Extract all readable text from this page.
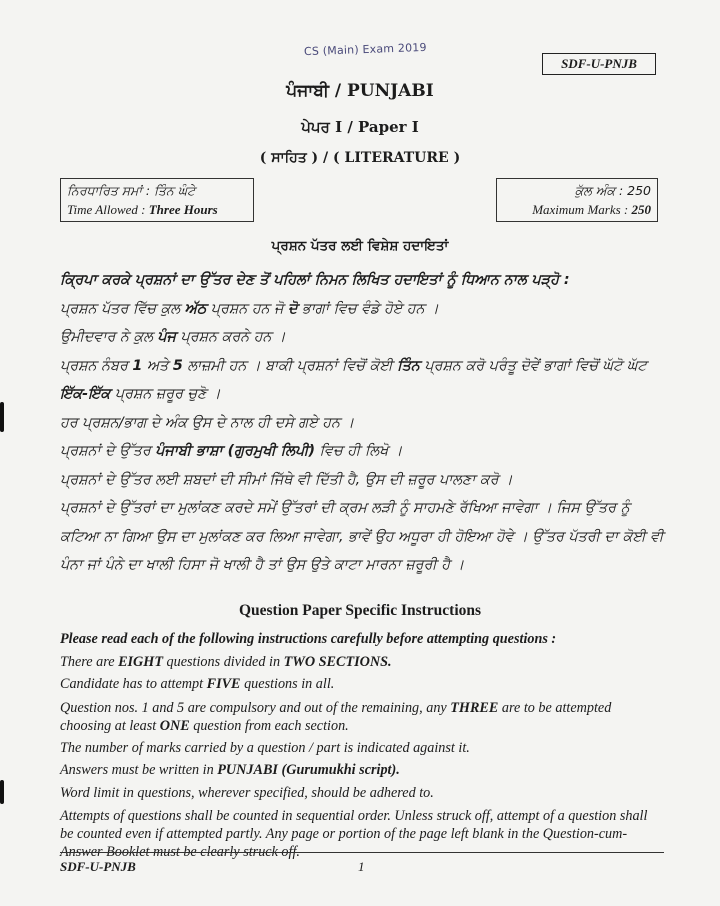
CS (Main) Exam 2019
SDF-U-PNJB
ਪੰਜਾਬੀ / PUNJABI
ਪੇਪਰ I / Paper I
( ਸਾਹਿਤ ) / ( LITERATURE )
ਨਿਰਧਾਰਿਤ ਸਮਾਂ : ਤਿੰਨ ਘੰਟੇ
Time Allowed : Three Hours
ਕੁੱਲ ਅੰਕ : 250
Maximum Marks : 250
ਪ੍ਰਸ਼ਨ ਪੱਤਰ ਲਈ ਵਿਸ਼ੇਸ਼ ਹਦਾਇਤਾਂ

ਕ੍ਰਿਪਾ ਕਰਕੇ ਪ੍ਰਸ਼ਨਾਂ ਦਾ ਉੱਤਰ ਦੇਣ ਤੋਂ ਪਹਿਲਾਂ ਨਿਮਨ ਲਿਖਿਤ ਹਦਾਇਤਾਂ ਨੂੰ ਧਿਆਨ ਨਾਲ ਪੜ੍ਹੋ :

ਪ੍ਰਸ਼ਨ ਪੱਤਰ ਵਿੱਚ ਕੁਲ ਅੱਠ ਪ੍ਰਸ਼ਨ ਹਨ ਜੋ ਦੋ ਭਾਗਾਂ ਵਿਚ ਵੰਡੇ ਹੋਏ ਹਨ ।

ਉਮੀਦਵਾਰ ਨੇ ਕੁਲ ਪੰਜ ਪ੍ਰਸ਼ਨ ਕਰਨੇ ਹਨ ।

ਪ੍ਰਸ਼ਨ ਨੰਬਰ 1 ਅਤੇ 5 ਲਾਜ਼ਮੀ ਹਨ । ਬਾਕੀ ਪ੍ਰਸ਼ਨਾਂ ਵਿਚੋਂ ਕੋਈ ਤਿੰਨ ਪ੍ਰਸ਼ਨ ਕਰੋ ਪਰੰਤੂ ਦੋਵੇਂ ਭਾਗਾਂ ਵਿਚੋਂ ਘੱਟੋ ਘੱਟ ਇੱਕ-ਇੱਕ ਪ੍ਰਸ਼ਨ ਜ਼ਰੂਰ ਚੁਣੋ ।

ਹਰ ਪ੍ਰਸ਼ਨ/ਭਾਗ ਦੇ ਅੰਕ ਉਸ ਦੇ ਨਾਲ ਹੀ ਦਸੇ ਗਏ ਹਨ ।

ਪ੍ਰਸ਼ਨਾਂ ਦੇ ਉੱਤਰ ਪੰਜਾਬੀ ਭਾਸ਼ਾ (ਗੁਰਮੁਖੀ ਲਿਪੀ) ਵਿਚ ਹੀ ਲਿਖੋ ।

ਪ੍ਰਸ਼ਨਾਂ ਦੇ ਉੱਤਰ ਲਈ ਸ਼ਬਦਾਂ ਦੀ ਸੀਮਾਂ ਜਿੱਥੇ ਵੀ ਦਿੱਤੀ ਹੈ, ਉਸ ਦੀ ਜ਼ਰੂਰ ਪਾਲਣਾ ਕਰੋ ।

ਪ੍ਰਸ਼ਨਾਂ ਦੇ ਉੱਤਰਾਂ ਦਾ ਮੁਲਾਂਕਣ ਕਰਦੇ ਸਮੇਂ ਉੱਤਰਾਂ ਦੀ ਕ੍ਰਮ ਲੜੀ ਨੂੰ ਸਾਹਮਣੇ ਰੱਖਿਆ ਜਾਵੇਗਾ । ਜਿਸ ਉੱਤਰ ਨੂੰ ਕਟਿਆ ਨਾ ਗਿਆ ਉਸ ਦਾ ਮੁਲਾਂਕਣ ਕਰ ਲਿਆ ਜਾਵੇਗਾ, ਭਾਵੇਂ ਉਹ ਅਧੂਰਾ ਹੀ ਹੋਇਆ ਹੋਵੇ । ਉੱਤਰ ਪੱਤਰੀ ਦਾ ਕੋਈ ਵੀ ਪੰਨਾ ਜਾਂ ਪੰਨੇ ਦਾ ਖਾਲੀ ਹਿਸਾ ਜੋ ਖਾਲੀ ਹੈ ਤਾਂ ਉਸ ਉਤੇ ਕਾਟਾ ਮਾਰਨਾ ਜ਼ਰੂਰੀ ਹੈ ।

Question Paper Specific Instructions

Please read each of the following instructions carefully before attempting questions :

There are EIGHT questions divided in TWO SECTIONS.

Candidate has to attempt FIVE questions in all.

Question nos. 1 and 5 are compulsory and out of the remaining, any THREE are to be attempted choosing at least ONE question from each section.

The number of marks carried by a question / part is indicated against it.

Answers must be written in PUNJABI (Gurumukhi script).

Word limit in questions, wherever specified, should be adhered to.

Attempts of questions shall be counted in sequential order. Unless struck off, attempt of a question shall be counted even if attempted partly. Any page or portion of the page left blank in the Question-cum-Answer Booklet must be clearly struck off.

SDF-U-PNJB	1
